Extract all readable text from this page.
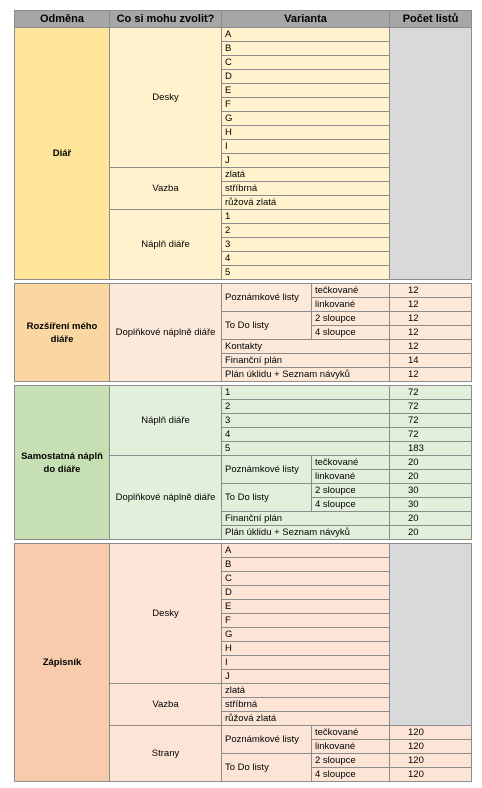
Odměna	Co si mohu zvolit?	Varianta		Počet listů
Diář	Desky	A		
		B		
		C		
		D		
		E		
		F		
		G		
		H		
		I		
		J		
	Vazba	zlatá		
		stříbrná		
		růžová zlatá		
	Náplň diáře	1		
		2		
		3		
		4		
		5		

Rozšíření mého diáře	Doplňkové náplně diáře	Poznámkové listy	tečkované	12
			linkované	12
		To Do listy	2 sloupce	12
			4 sloupce	12
		Kontakty		12
		Finanční plán		14
		Plán úklidu + Seznam návyků		12

Samostatná náplň do diáře	Náplň diáře	1		72
		2		72
		3		72
		4		72
		5		183
	Doplňkové náplně diáře	Poznámkové listy	tečkované	20
			linkované	20
		To Do listy	2 sloupce	30
			4 sloupce	30
		Finanční plán		20
		Plán úklidu + Seznam návyků		20

Zápisník	Desky	A		
		B		
		C		
		D		
		E		
		F		
		G		
		H		
		I		
		J		
	Vazba	zlatá		
		stříbrná		
		růžová zlatá		
	Strany	Poznámkové listy	tečkované	120
			linkované	120
		To Do listy	2 sloupce	120
			4 sloupce	120
